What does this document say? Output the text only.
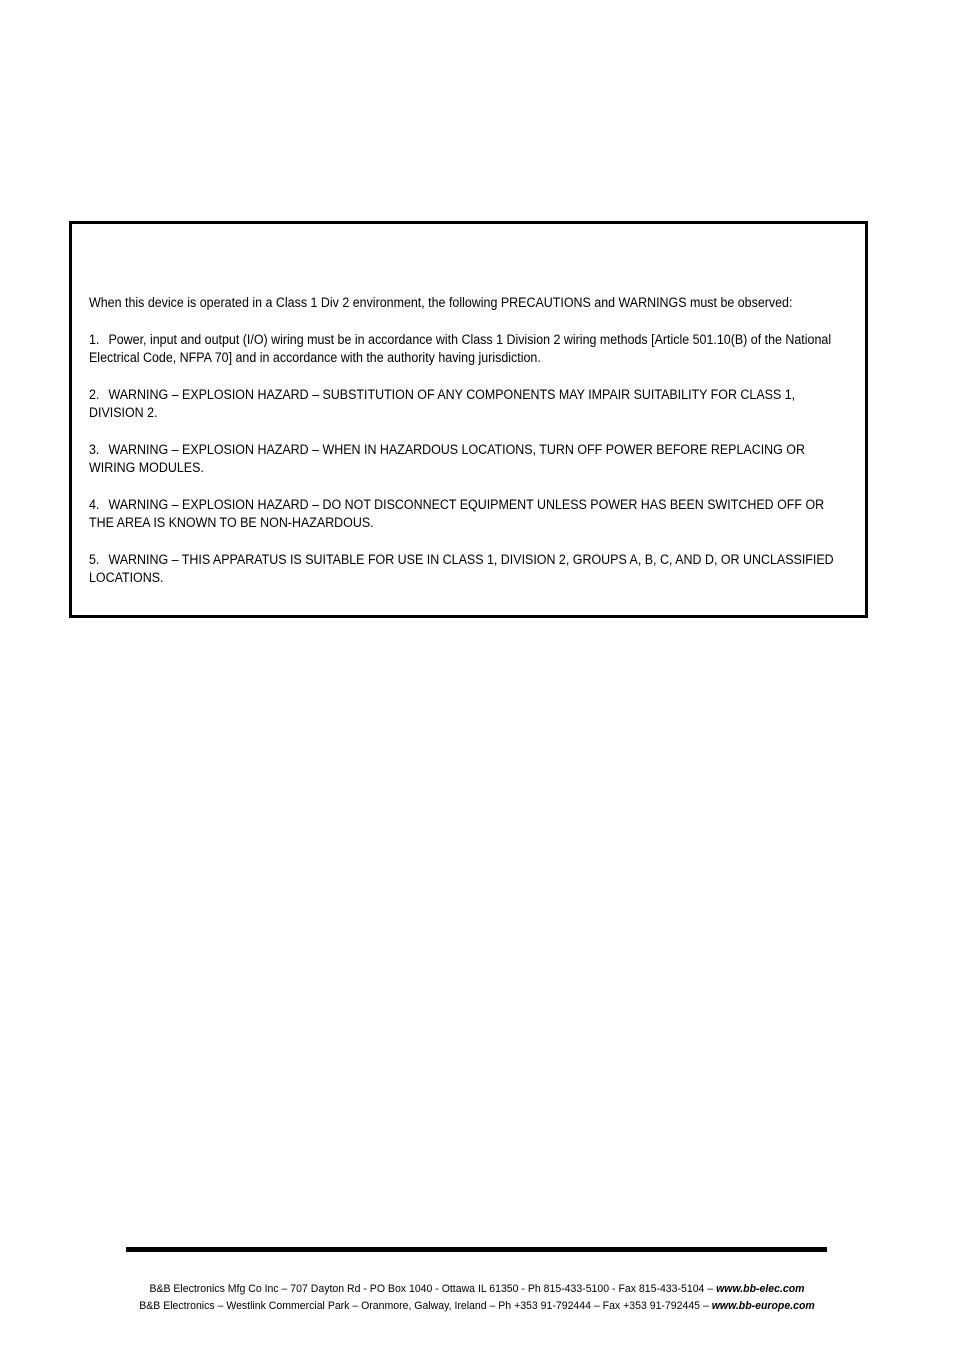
When this device is operated in a Class 1 Div 2 environment, the following PRECAUTIONS and WARNINGS must be observed:

1. Power, input and output (I/O) wiring must be in accordance with Class 1 Division 2 wiring methods [Article 501.10(B) of the National Electrical Code, NFPA 70] and in accordance with the authority having jurisdiction.

2. WARNING – EXPLOSION HAZARD – SUBSTITUTION OF ANY COMPONENTS MAY IMPAIR SUITABILITY FOR CLASS 1, DIVISION 2.

3. WARNING – EXPLOSION HAZARD – WHEN IN HAZARDOUS LOCATIONS, TURN OFF POWER BEFORE REPLACING OR WIRING MODULES.

4. WARNING – EXPLOSION HAZARD – DO NOT DISCONNECT EQUIPMENT UNLESS POWER HAS BEEN SWITCHED OFF OR THE AREA IS KNOWN TO BE NON-HAZARDOUS.

5. WARNING – THIS APPARATUS IS SUITABLE FOR USE IN CLASS 1, DIVISION 2, GROUPS A, B, C, AND D, OR UNCLASSIFIED LOCATIONS.

B&B Electronics Mfg Co Inc – 707 Dayton Rd - PO Box 1040 - Ottawa IL 61350 - Ph 815-433-5100 - Fax 815-433-5104 – www.bb-elec.com
B&B Electronics – Westlink Commercial Park – Oranmore, Galway, Ireland – Ph +353 91-792444 – Fax +353 91-792445 – www.bb-europe.com
